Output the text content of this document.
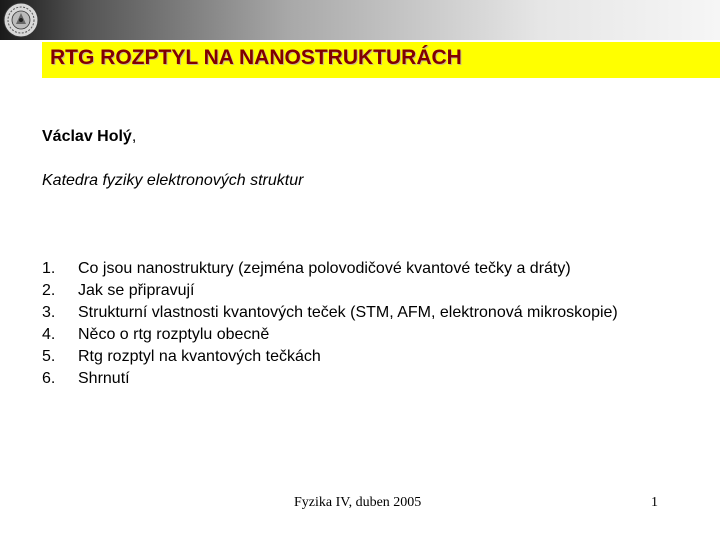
RTG ROZPTYL NA NANOSTRUKTURÁCH
Václav Holý,
Katedra fyziky elektronových struktur
1. Co jsou nanostruktury (zejména polovodičové kvantové tečky a dráty)
2. Jak se připravují
3. Strukturní vlastnosti kvantových teček (STM, AFM, elektronová mikroskopie)
4. Něco o rtg rozptylu obecně
5. Rtg rozptyl na kvantových tečkách
6. Shrnutí
Fyzika IV, duben 2005	1
